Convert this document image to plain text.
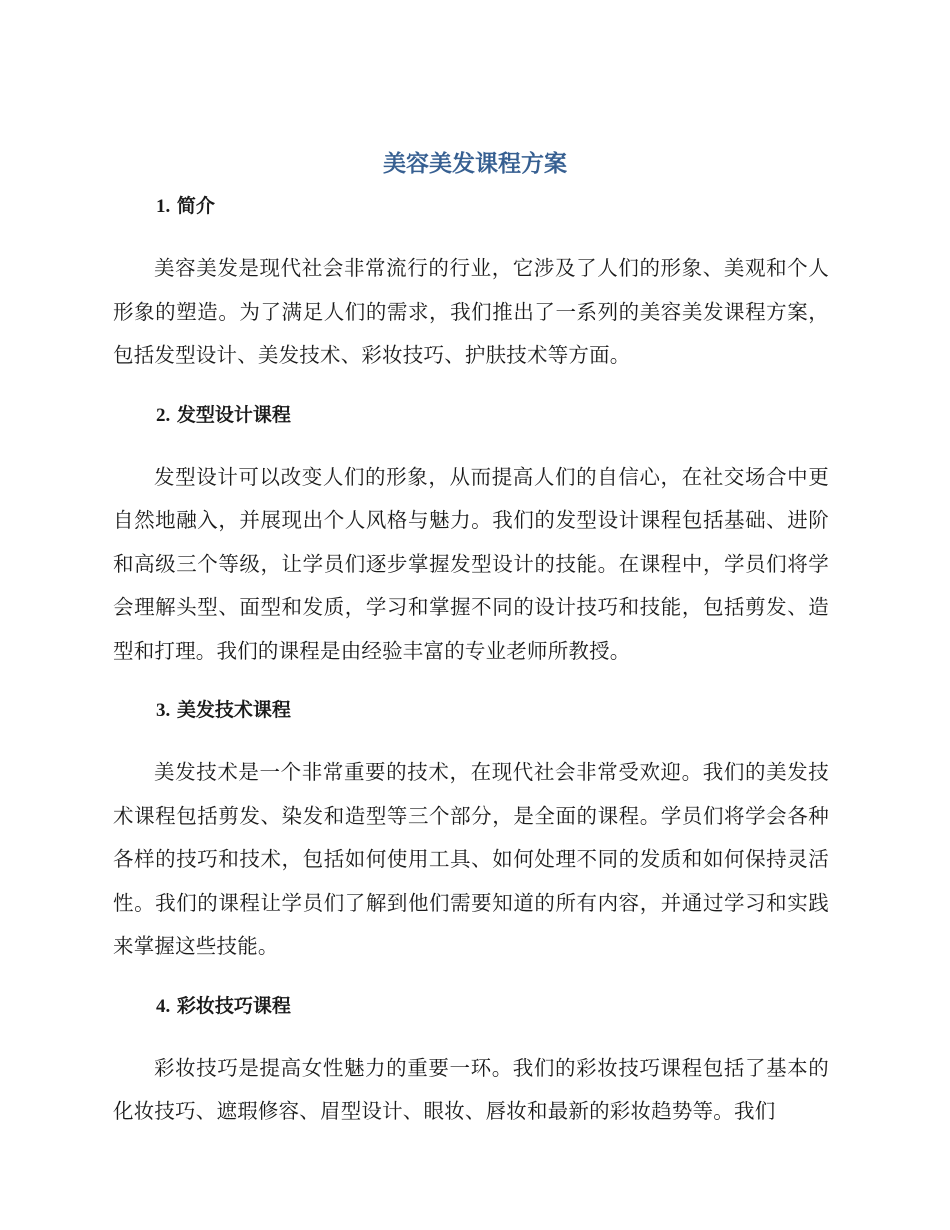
美容美发课程方案
1. 简介

美容美发是现代社会非常流行的行业，它涉及了人们的形象、美观和个人形象的塑造。为了满足人们的需求，我们推出了一系列的美容美发课程方案，包括发型设计、美发技术、彩妆技巧、护肤技术等方面。

2. 发型设计课程

发型设计可以改变人们的形象，从而提高人们的自信心，在社交场合中更自然地融入，并展现出个人风格与魅力。我们的发型设计课程包括基础、进阶和高级三个等级，让学员们逐步掌握发型设计的技能。在课程中，学员们将学会理解头型、面型和发质，学习和掌握不同的设计技巧和技能，包括剪发、造型和打理。我们的课程是由经验丰富的专业老师所教授。

3. 美发技术课程

美发技术是一个非常重要的技术，在现代社会非常受欢迎。我们的美发技术课程包括剪发、染发和造型等三个部分，是全面的课程。学员们将学会各种各样的技巧和技术，包括如何使用工具、如何处理不同的发质和如何保持灵活性。我们的课程让学员们了解到他们需要知道的所有内容，并通过学习和实践来掌握这些技能。

4. 彩妆技巧课程

彩妆技巧是提高女性魅力的重要一环。我们的彩妆技巧课程包括了基本的化妆技巧、遮瑕修容、眉型设计、眼妆、唇妆和最新的彩妆趋势等。我们
